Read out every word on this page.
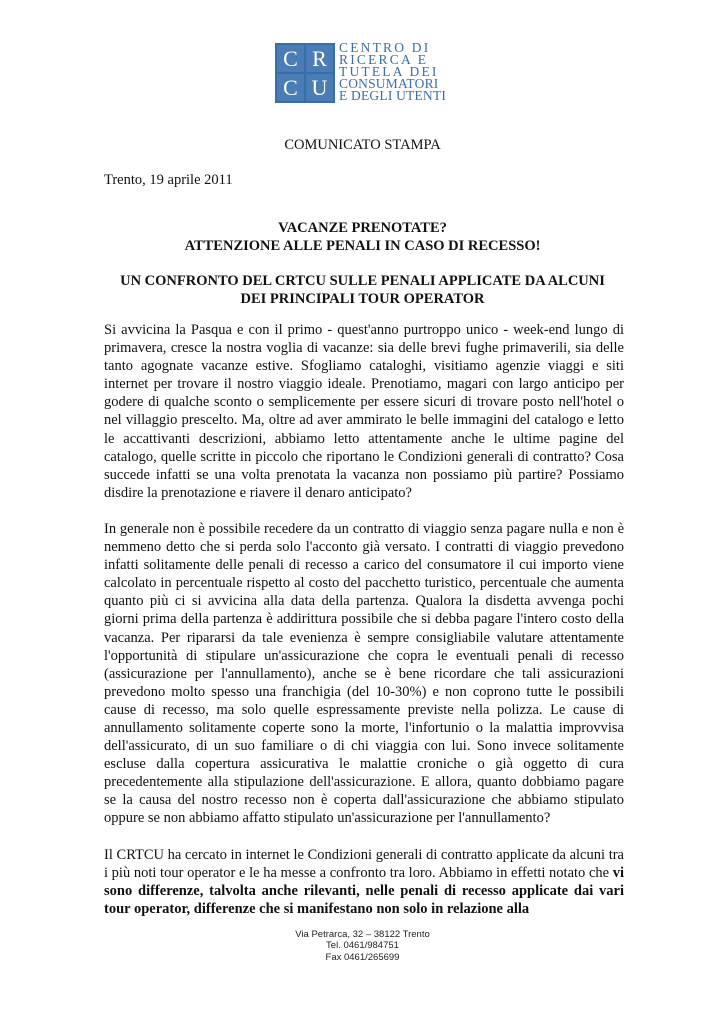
C R
C U
CENTRO DI
RICERCA E
TUTELA DEI
CONSUMATORI
E DEGLI UTENTI
COMUNICATO STAMPA
Trento, 19 aprile 2011
VACANZE PRENOTATE?
ATTENZIONE ALLE PENALI IN CASO DI RECESSO!
UN CONFRONTO DEL CRTCU SULLE PENALI APPLICATE DA ALCUNI
DEI PRINCIPALI TOUR OPERATOR

Si avvicina la Pasqua e con il primo - quest'anno purtroppo unico - week-end lungo di primavera, cresce la nostra voglia di vacanze: sia delle brevi fughe primaverili, sia delle tanto agognate vacanze estive. Sfogliamo cataloghi, visitiamo agenzie viaggi e siti internet per trovare il nostro viaggio ideale. Prenotiamo, magari con largo anticipo per godere di qualche sconto o semplicemente per essere sicuri di trovare posto nell'hotel o nel villaggio prescelto. Ma, oltre ad aver ammirato le belle immagini del catalogo e letto le accattivanti descrizioni, abbiamo letto attentamente anche le ultime pagine del catalogo, quelle scritte in piccolo che riportano le Condizioni generali di contratto? Cosa succede infatti se una volta prenotata la vacanza non possiamo più partire? Possiamo disdire la prenotazione e riavere il denaro anticipato?

In generale non è possibile recedere da un contratto di viaggio senza pagare nulla e non è nemmeno detto che si perda solo l'acconto già versato. I contratti di viaggio prevedono infatti solitamente delle penali di recesso a carico del consumatore il cui importo viene calcolato in percentuale rispetto al costo del pacchetto turistico, percentuale che aumenta quanto più ci si avvicina alla data della partenza. Qualora la disdetta avvenga pochi giorni prima della partenza è addirittura possibile che si debba pagare l'intero costo della vacanza. Per ripararsi da tale evenienza è sempre consigliabile valutare attentamente l'opportunità di stipulare un'assicurazione che copra le eventuali penali di recesso (assicurazione per l'annullamento), anche se è bene ricordare che tali assicurazioni prevedono molto spesso una franchigia (del 10-30%) e non coprono tutte le possibili cause di recesso, ma solo quelle espressamente previste nella polizza. Le cause di annullamento solitamente coperte sono la morte, l'infortunio o la malattia improvvisa dell'assicurato, di un suo familiare o di chi viaggia con lui. Sono invece solitamente escluse dalla copertura assicurativa le malattie croniche o già oggetto di cura precedentemente alla stipulazione dell'assicurazione. E allora, quanto dobbiamo pagare se la causa del nostro recesso non è coperta dall'assicurazione che abbiamo stipulato oppure se non abbiamo affatto stipulato un'assicurazione per l'annullamento?

Il CRTCU ha cercato in internet le Condizioni generali di contratto applicate da alcuni tra i più noti tour operator e le ha messe a confronto tra loro. Abbiamo in effetti notato che vi sono differenze, talvolta anche rilevanti, nelle penali di recesso applicate dai vari tour operator, differenze che si manifestano non solo in relazione alla

Via Petrarca, 32 – 38122 Trento
Tel. 0461/984751
Fax 0461/265699
